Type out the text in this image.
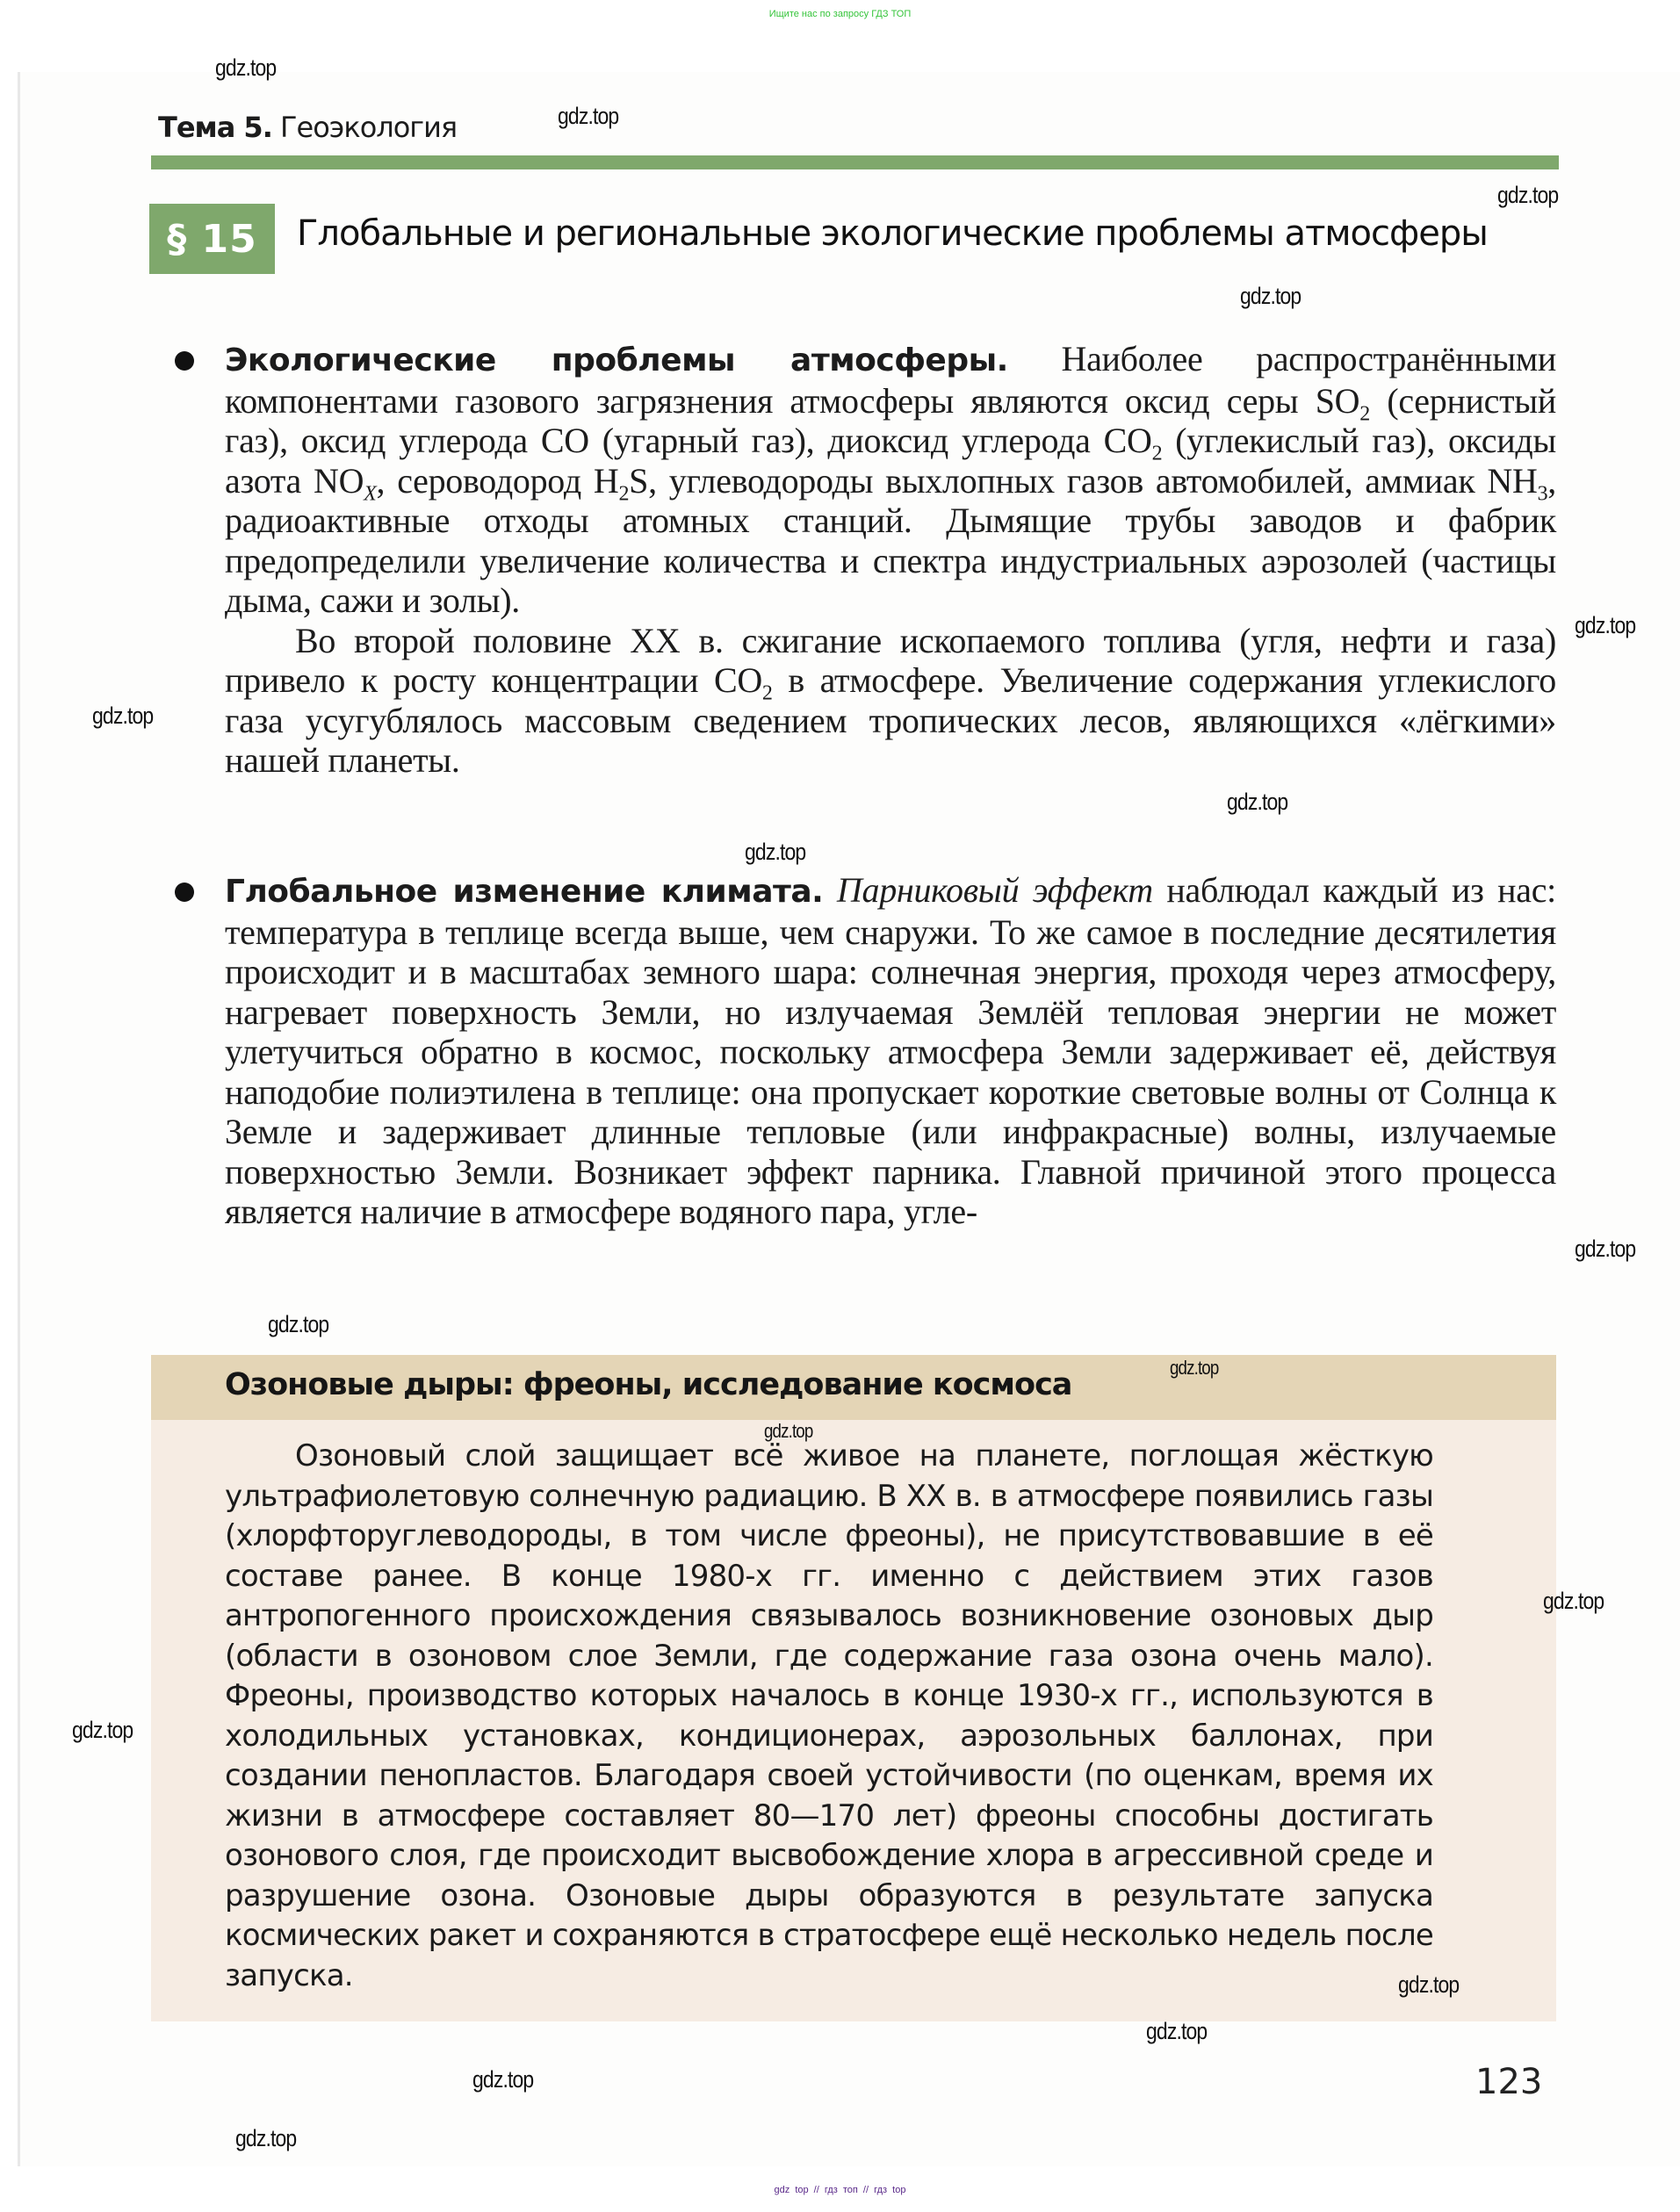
Ищите нас по запросу ГДЗ ТОП
Тема 5. Геоэкология
§ 15	Глобальные и региональные экологические проблемы атмосферы

Экологические проблемы атмосферы. Наиболее распространёнными компонентами газового загрязнения атмосферы являются оксид серы $SO_2$ (сернистый газ), оксид углерода CO (угарный газ), диоксид углерода $CO_2$ (углекислый газ), оксиды азота $NO_X$, сероводород $H_2S$, углеводороды выхлопных газов автомобилей, аммиак $NH_3$, радиоактивные отходы атомных станций. Дымящие трубы заводов и фабрик предопределили увеличение количества и спектра индустриальных аэрозолей (частицы дыма, сажи и золы).

Во второй половине XX в. сжигание ископаемого топлива (угля, нефти и газа) привело к росту концентрации $CO_2$ в атмосфере. Увеличение содержания углекислого газа усугублялось массовым сведением тропических лесов, являющихся «лёгкими» нашей планеты.

Глобальное изменение климата. Парниковый эффект наблюдал каждый из нас: температура в теплице всегда выше, чем снаружи. То же самое в последние десятилетия происходит и в масштабах земного шара: солнечная энергия, проходя через атмосферу, нагревает поверхность Земли, но излучаемая Землёй тепловая энергии не может улетучиться обратно в космос, поскольку атмосфера Земли задерживает её, действуя наподобие полиэтилена в теплице: она пропускает короткие световые волны от Солнца к Земле и задерживает длинные тепловые (или инфракрасные) волны, излучаемые поверхностью Земли. Возникает эффект парника. Главной причиной этого процесса является наличие в атмосфере водяного пара, угле-

Озоновые дыры: фреоны, исследование космоса

Озоновый слой защищает всё живое на планете, поглощая жёсткую ультрафиолетовую солнечную радиацию. В XX в. в атмосфере появились газы (хлорфторуглеводороды, в том числе фреоны), не присутствовавшие в её составе ранее. В конце 1980-х гг. именно с действием этих газов антропогенного происхождения связывалось возникновение озоновых дыр (области в озоновом слое Земли, где содержание газа озона очень мало). Фреоны, производство которых началось в конце 1930-х гг., используются в холодильных установках, кондиционерах, аэрозольных баллонах, при создании пенопластов. Благодаря своей устойчивости (по оценкам, время их жизни в атмосфере составляет 80—170 лет) фреоны способны достигать озонового слоя, где происходит высвобождение хлора в агрессивной среде и разрушение озона. Озоновые дыры образуются в результате запуска космических ракет и сохраняются в стратосфере ещё несколько недель после запуска.

123
gdz.top
gdz.top
gdz.top
gdz.top
gdz.top
gdz.top
gdz.top
gdz.top
gdz.top
gdz.top
gdz.top
gdz.top
gdz.top
gdz.top
gdz.top
gdz.top
gdz.top
gdz.top
gdz top // гдз топ // гдз top
